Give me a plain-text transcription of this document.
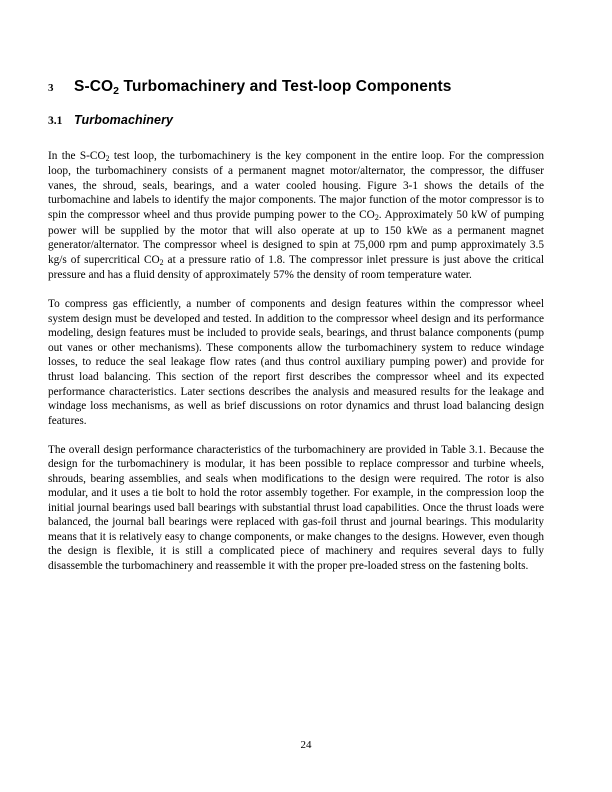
3	$S-CO_2$ Turbomachinery and Test-loop Components
3.1 Turbomachinery

In the $S-CO_2$ test loop, the turbomachinery is the key component in the entire loop. For the compression loop, the turbomachinery consists of a permanent magnet motor/alternator, the compressor, the diffuser vanes, the shroud, seals, bearings, and a water cooled housing. Figure 3-1 shows the details of the turbomachine and labels to identify the major components. The major function of the motor compressor is to spin the compressor wheel and thus provide pumping power to the $CO_2$. Approximately 50 kW of pumping power will be supplied by the motor that will also operate at up to 150 kWe as a permanent magnet generator/alternator. The compressor wheel is designed to spin at 75,000 rpm and pump approximately 3.5 kg/s of supercritical $CO_2$ at a pressure ratio of 1.8. The compressor inlet pressure is just above the critical pressure and has a fluid density of approximately 57% the density of room temperature water.

To compress gas efficiently, a number of components and design features within the compressor wheel system design must be developed and tested. In addition to the compressor wheel design and its performance modeling, design features must be included to provide seals, bearings, and thrust balance components (pump out vanes or other mechanisms). These components allow the turbomachinery system to reduce windage losses, to reduce the seal leakage flow rates (and thus control auxiliary pumping power) and provide for thrust load balancing. This section of the report first describes the compressor wheel and its expected performance characteristics. Later sections describes the analysis and measured results for the leakage and windage loss mechanisms, as well as brief discussions on rotor dynamics and thrust load balancing design features.

The overall design performance characteristics of the turbomachinery are provided in Table 3.1. Because the design for the turbomachinery is modular, it has been possible to replace compressor and turbine wheels, shrouds, bearing assemblies, and seals when modifications to the design were required. The rotor is also modular, and it uses a tie bolt to hold the rotor assembly together. For example, in the compression loop the initial journal bearings used ball bearings with substantial thrust load capabilities. Once the thrust loads were balanced, the journal ball bearings were replaced with gas-foil thrust and journal bearings. This modularity means that it is relatively easy to change components, or make changes to the designs. However, even though the design is flexible, it is still a complicated piece of machinery and requires several days to fully disassemble the turbomachinery and reassemble it with the proper pre-loaded stress on the fastening bolts.

24
